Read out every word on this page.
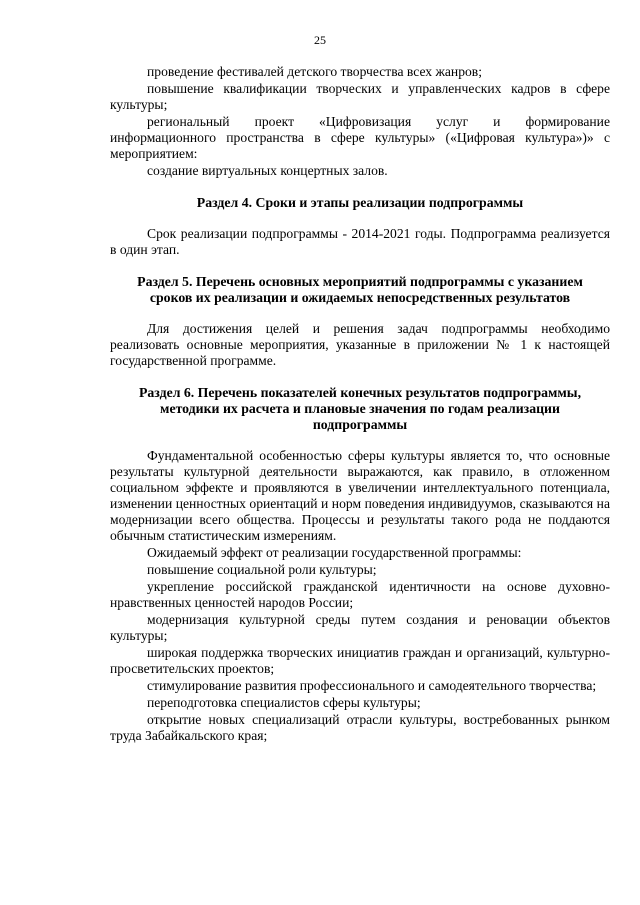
25

проведение фестивалей детского творчества всех жанров;

повышение квалификации творческих и управленческих кадров в сфере культуры;

региональный проект «Цифровизация услуг и формирование информационного пространства в сфере культуры» («Цифровая культура»)» с мероприятием:

создание виртуальных концертных залов.

Раздел 4. Сроки и этапы реализации подпрограммы

Срок реализации подпрограммы - 2014-2021 годы. Подпрограмма реализуется в один этап.

Раздел 5. Перечень основных мероприятий подпрограммы с указанием
сроков их реализации и ожидаемых непосредственных результатов

Для достижения целей и решения задач подпрограммы необходимо реализовать основные мероприятия, указанные в приложении № 1 к настоящей государственной программе.

Раздел 6. Перечень показателей конечных результатов подпрограммы,
методики их расчета и плановые значения по годам реализации
подпрограммы

Фундаментальной особенностью сферы культуры является то, что основные результаты культурной деятельности выражаются, как правило, в отложенном социальном эффекте и проявляются в увеличении интеллектуального потенциала, изменении ценностных ориентаций и норм поведения индивидуумов, сказываются на модернизации всего общества. Процессы и результаты такого рода не поддаются обычным статистическим измерениям.

Ожидаемый эффект от реализации государственной программы:

повышение социальной роли культуры;

укрепление российской гражданской идентичности на основе духовно-нравственных ценностей народов России;

модернизация культурной среды путем создания и реновации объектов культуры;

широкая поддержка творческих инициатив граждан и организаций, культурно-просветительских проектов;

стимулирование развития профессионального и самодеятельного творчества;

переподготовка специалистов сферы культуры;

открытие новых специализаций отрасли культуры, востребованных рынком труда Забайкальского края;
